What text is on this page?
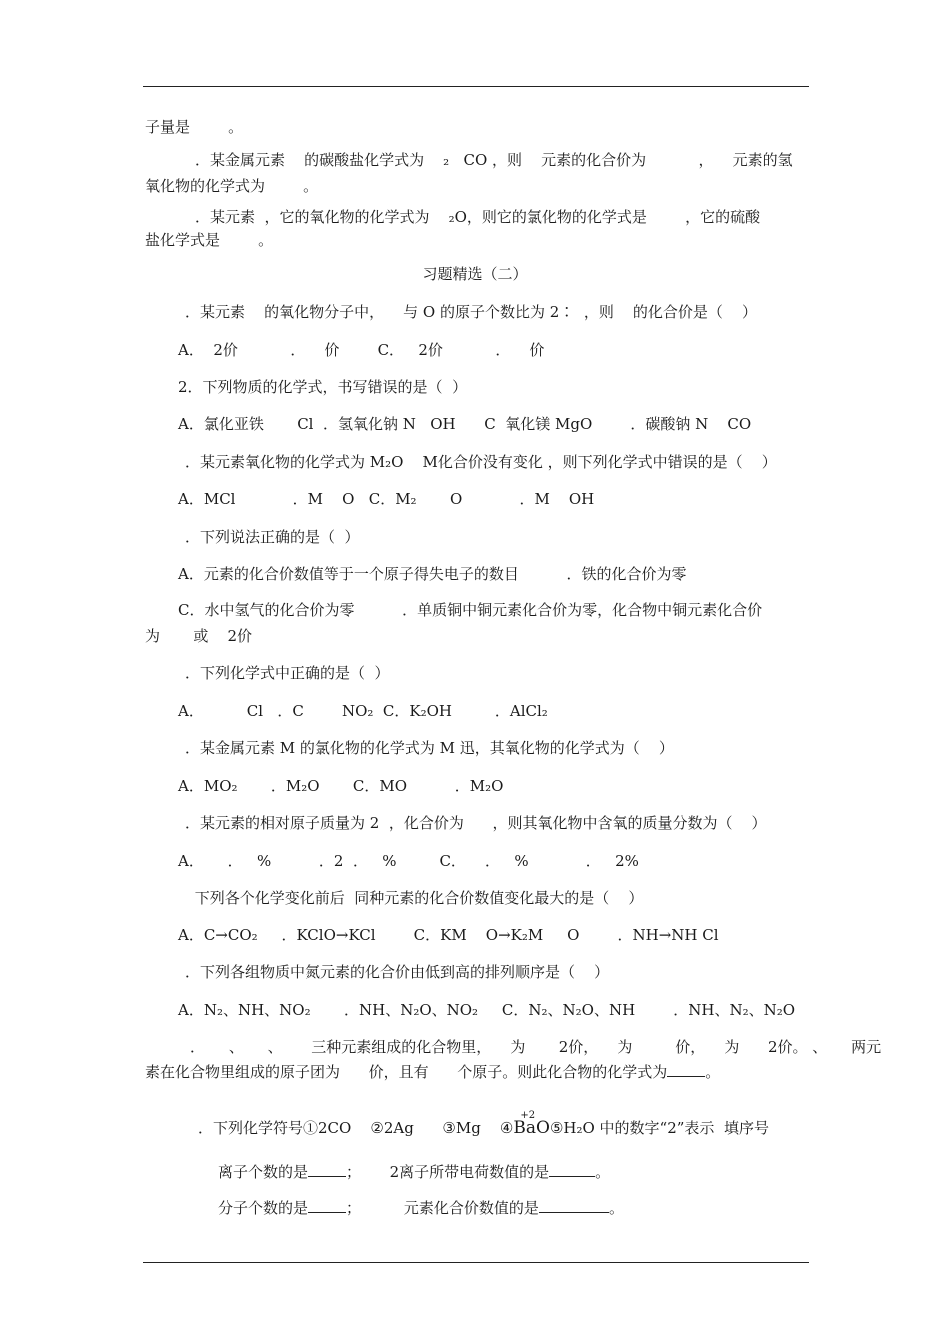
子量是        。
．某金属元素    的碳酸盐化学式为    ₂   CO ，则    元素的化合价为           ，    元素的氢
氧化物的化学式为        。
．某元素  ，它的氧化物的化学式为    ₂O，则它的氯化物的化学式是        ，它的硫酸
盐化学式是        。
习题精选（二）
．某元素    的氧化物分子中，    与 O 的原子个数比为 2∶  ，则    的化合价是（    ）
A．  2价           ．    价        C．   2价           ．    价
2．下列物质的化学式，书写错误的是（  ）
A．氯化亚铁       Cl  ．氢氧化钠 N   OH      C  氧化镁 MgO        ．碳酸钠 N    CO
．某元素氧化物的化学式为 M₂O    M化合价没有变化 ，则下列化学式中错误的是（    ）
A．MCl            ．M    O   C．M₂       O            ．M    OH
．下列说法正确的是（  ）
A．元素的化合价数值等于一个原子得失电子的数目          ．铁的化合价为零
C．水中氢气的化合价为零          ．单质铜中铜元素化合价为零，化合物中铜元素化合价
为       或    2价
．下列化学式中正确的是（  ）
A．         Cl   ．C        NO₂  C．K₂OH         ．AlCl₂
．某金属元素 M 的氯化物的化学式为 M 迅，其氧化物的化学式为（    ）
A．MO₂       ．M₂O       C．MO          ．M₂O
．某元素的相对原子质量为 2  ，化合价为      ，则其氧化物中含氧的质量分数为（    ）
A．     ．   %          ．2  ．   %         C．    ．   %            ．   2%
下列各个化学变化前后  同种元素的化合价数值变化最大的是（    ）
A．C→CO₂     ．KClO→KCl        C．KM    O→K₂M     O        ．NH→NH Cl
．下列各组物质中氮元素的化合价由低到高的排列顺序是（    ）
A．N₂、NH、NO₂       ．NH、N₂O、NO₂     C．N₂、N₂O、NH        ．NH、N₂、N₂O
．     、     、      三种元素组成的化合物里，    为       2价，    为         价，    为      2价。 、     两元
素在化合物里组成的原子团为      价，且有      个原子。则此化合物的化学式为	。
．下列化学符号①2CO    ②2Ag      ③Mg    ④
+2
BaO⑤H₂O 中的数字“2”表示  填序号
离子个数的是	；      2离子所带电荷数值的是	。
分子个数的是	；         元素化合价数值的是	。
